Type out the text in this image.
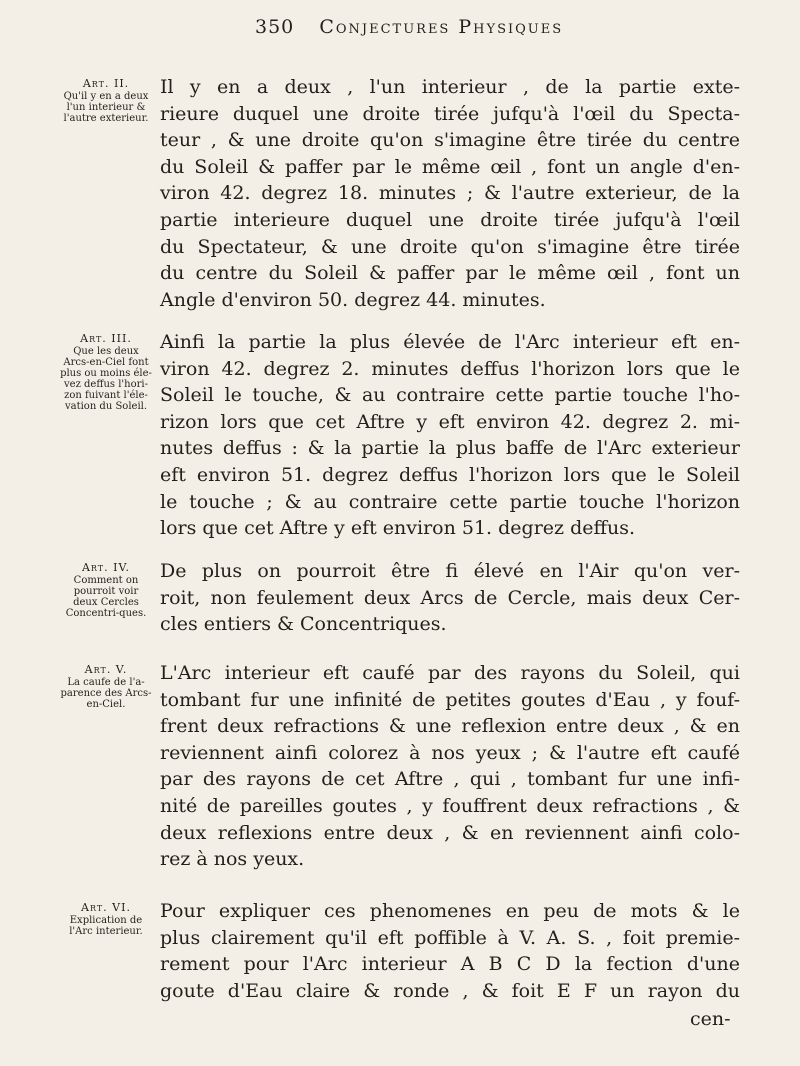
350 Conjectures Physiques
Art. II.
Qu'il y en a deux l'un interieur & l'autre exterieur.
Il y en a deux , l'un interieur , de la partie exte-
rieure duquel une droite tirée jufqu'à l'œil du Specta-
teur , & une droite qu'on s'imagine être tirée du centre
du Soleil & paffer par le même œil , font un angle d'en-
viron 42. degrez 18. minutes ; & l'autre exterieur, de la
partie interieure duquel une droite tirée jufqu'à l'œil
du Spectateur, & une droite qu'on s'imagine être tirée
du centre du Soleil & paffer par le même œil , font un
Angle d'environ 50. degrez 44. minutes.
Art. III.
Que les deux Arcs-en-Ciel font plus ou moins éle-vez deffus l'hori-zon fuivant l'éle-vation du Soleil.
Ainfi la partie la plus élevée de l'Arc interieur eft en-
viron 42. degrez 2. minutes deffus l'horizon lors que le
Soleil le touche, & au contraire cette partie touche l'ho-
rizon lors que cet Aftre y eft environ 42. degrez 2. mi-
nutes deffus : & la partie la plus baffe de l'Arc exterieur
eft environ 51. degrez deffus l'horizon lors que le Soleil
le touche ; & au contraire cette partie touche l'horizon
lors que cet Aftre y eft environ 51. degrez deffus.
Art. IV.
Comment on pourroit voir deux Cercles Concentri-ques.
De plus on pourroit être fi élevé en l'Air qu'on ver-
roit, non feulement deux Arcs de Cercle, mais deux Cer-
cles entiers & Concentriques.
Art. V.
La caufe de l'a-parence des Arcs-en-Ciel.
L'Arc interieur eft caufé par des rayons du Soleil, qui
tombant fur une infinité de petites goutes d'Eau , y fouf-
frent deux refractions & une reflexion entre deux , & en
reviennent ainfi colorez à nos yeux ; & l'autre eft caufé
par des rayons de cet Aftre , qui , tombant fur une infi-
nité de pareilles goutes , y fouffrent deux refractions , &
deux reflexions entre deux , & en reviennent ainfi colo-
rez à nos yeux.
Art. VI.
Explication de l'Arc interieur.
Pour expliquer ces phenomenes en peu de mots & le
plus clairement qu'il eft poffible à V. A. S. , foit premie-
rement pour l'Arc interieur A B C D la fection d'une
goute d'Eau claire & ronde , & foit E F un rayon du
cen-
